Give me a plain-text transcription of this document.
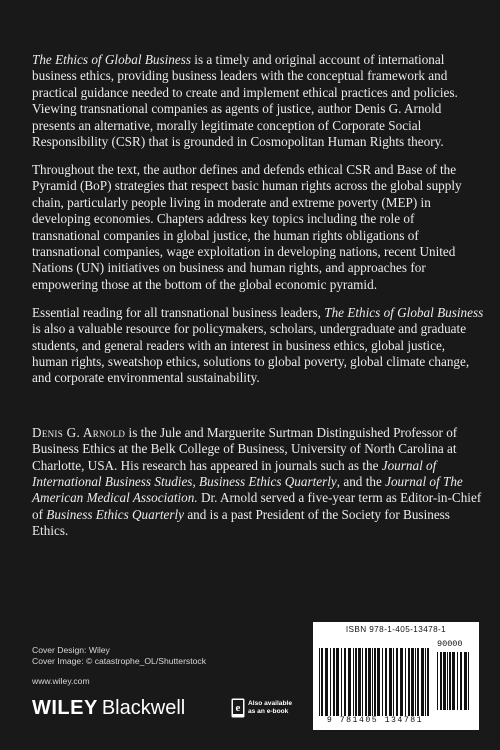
The Ethics of Global Business is a timely and original account of international business ethics, providing business leaders with the conceptual framework and practical guidance needed to create and implement ethical practices and policies. Viewing transnational companies as agents of justice, author Denis G. Arnold presents an alternative, morally legitimate conception of Corporate Social Responsibility (CSR) that is grounded in Cosmopolitan Human Rights theory.

Throughout the text, the author defines and defends ethical CSR and Base of the Pyramid (BoP) strategies that respect basic human rights across the global supply chain, particularly people living in moderate and extreme poverty (MEP) in developing economies. Chapters address key topics including the role of transnational companies in global justice, the human rights obligations of transnational companies, wage exploitation in developing nations, recent United Nations (UN) initiatives on business and human rights, and approaches for empowering those at the bottom of the global economic pyramid.

Essential reading for all transnational business leaders, The Ethics of Global Business is also a valuable resource for policymakers, scholars, undergraduate and graduate students, and general readers with an interest in business ethics, global justice, human rights, sweatshop ethics, solutions to global poverty, global climate change, and corporate environmental sustainability.

Denis G. Arnold is the Jule and Marguerite Surtman Distinguished Professor of Business Ethics at the Belk College of Business, University of North Carolina at Charlotte, USA. His research has appeared in journals such as the Journal of International Business Studies, Business Ethics Quarterly, and the Journal of The American Medical Association. Dr. Arnold served a five-year term as Editor-in-Chief of Business Ethics Quarterly and is a past President of the Society for Business Ethics.

Cover Design: Wiley
Cover Image: © catastrophe_OL/Shutterstock
www.wiley.com
WILEY Blackwell	e Also available
as an e-book
ISBN 978-1-405-13478-1
90000
9 781405 134781
